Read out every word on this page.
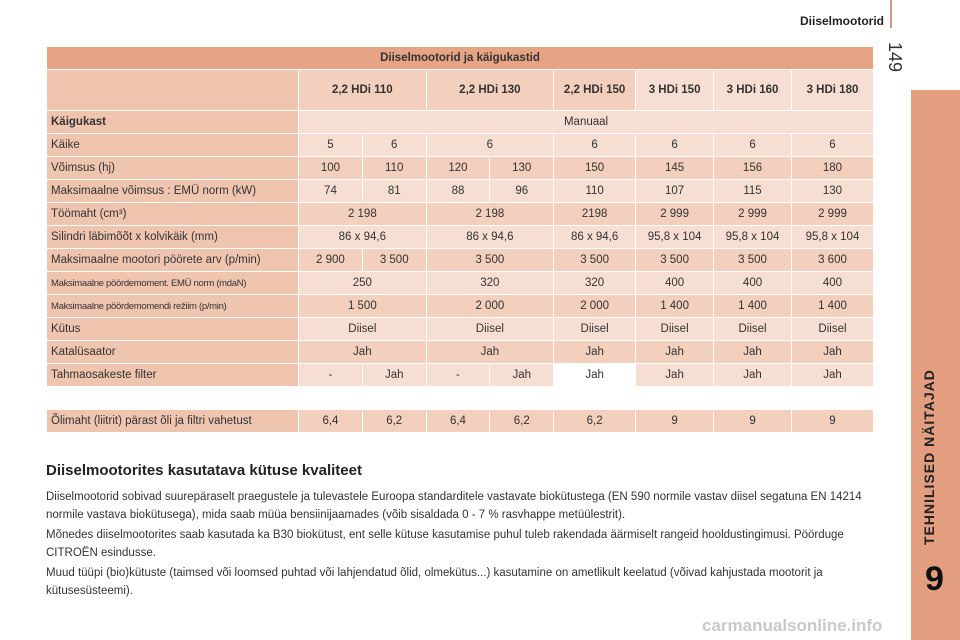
Diiselmootorid
149
TEHNILISED NÄITAJAD
9
Diiselmootorid ja käigukastid								
	2,2 HDi 110		2,2 HDi 130		2,2 HDi 150	3 HDi 150	3 HDi 160	3 HDi 180
Käigukast	Manuaal							
Käike	5	6	6		6	6	6	6
Võimsus (hj)	100	110	120	130	150	145	156	180
Maksimaalne võimsus : EMÜ norm (kW)	74	81	88	96	110	107	115	130
Töömaht (cm³)	2 198		2 198		2198	2 999	2 999	2 999
Silindri läbimõõt x kolvikäik (mm)	86 x 94,6		86 x 94,6		86 x 94,6	95,8 x 104	95,8 x 104	95,8 x 104
Maksimaalne mootori pöörete arv (p/min)	2 900	3 500	3 500		3 500	3 500	3 500	3 600
Maksimaalne pöördemoment. EMÜ norm (mdaN)	250		320		320	400	400	400
Maksimaalne pöördemomendi režiim (p/min)	1 500		2 000		2 000	1 400	1 400	1 400
Kütus	Diisel		Diisel		Diisel	Diisel	Diisel	Diisel
Katalüsaator	Jah		Jah		Jah	Jah	Jah	Jah
Tahmaosakeste filter	-	Jah	-	Jah	Jah	Jah	Jah	Jah

Õlimaht (liitrit) pärast õli ja filtri vahetust	6,4	6,2	6,4	6,2	6,2	9	9	9
Diiselmootorites kasutatava kütuse kvaliteet

Diiselmootorid sobivad suurepäraselt praegustele ja tulevastele Euroopa standarditele vastavate biokütustega (EN 590 normile vastav diisel segatuna EN 14214 normile vastava biokütusega), mida saab müüa bensiinijaamades (võib sisaldada 0 - 7 % rasvhappe metüülestrit).

Mõnedes diiselmootorites saab kasutada ka B30 biokütust, ent selle kütuse kasutamise puhul tuleb rakendada äärmiselt rangeid hooldustingimusi. Pöörduge CITROËN esindusse.

Muud tüüpi (bio)kütuste (taimsed või loomsed puhtad või lahjendatud õlid, olmekütus...) kasutamine on ametlikult keelatud (võivad kahjustada mootorit ja kütusesüsteemi).

carmanualsonline.info
